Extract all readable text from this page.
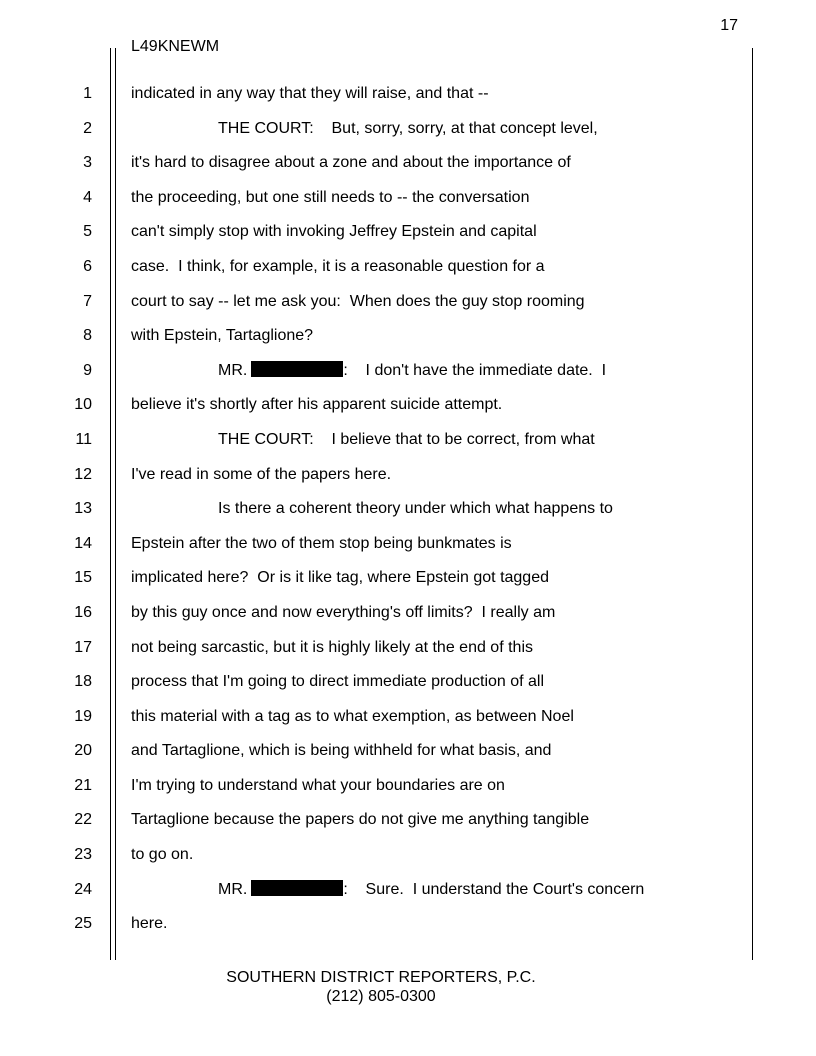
17
L49KNEWM
1 indicated in any way that they will raise, and that --
2	THE COURT:    But, sorry, sorry, at that concept level,
3 it's hard to disagree about a zone and about the importance of
4 the proceeding, but one still needs to -- the conversation
5 can't simply stop with invoking Jeffrey Epstein and capital
6 case.  I think, for example, it is a reasonable question for a
7 court to say -- let me ask you:  When does the guy stop rooming
8 with Epstein, Tartaglione?
9	MR.	:    I don't have the immediate date.  I
10 believe it's shortly after his apparent suicide attempt.
11	THE COURT:    I believe that to be correct, from what
12 I've read in some of the papers here.
13	Is there a coherent theory under which what happens to
14 Epstein after the two of them stop being bunkmates is
15 implicated here?  Or is it like tag, where Epstein got tagged
16 by this guy once and now everything's off limits?  I really am
17 not being sarcastic, but it is highly likely at the end of this
18 process that I'm going to direct immediate production of all
19 this material with a tag as to what exemption, as between Noel
20 and Tartaglione, which is being withheld for what basis, and
21 I'm trying to understand what your boundaries are on
22 Tartaglione because the papers do not give me anything tangible
23 to go on.
24	MR.	:    Sure.  I understand the Court's concern
25 here.
SOUTHERN DISTRICT REPORTERS, P.C.
(212) 805-0300
